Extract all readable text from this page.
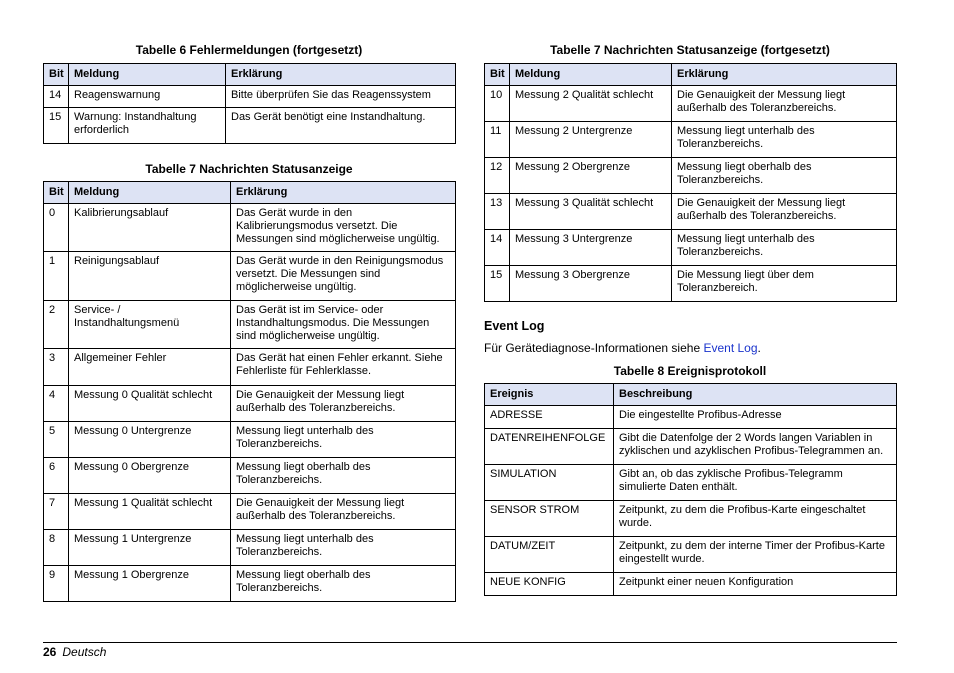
Tabelle 6 Fehlermeldungen (fortgesetzt)
Bit	Meldung	Erklärung
14	Reagenswarnung	Bitte überprüfen Sie das Reagenssystem
15	Warnung: Instandhaltung erforderlich	Das Gerät benötigt eine Instandhaltung.
Tabelle 7 Nachrichten Statusanzeige
Bit	Meldung	Erklärung
0	Kalibrierungsablauf	Das Gerät wurde in den Kalibrierungsmodus versetzt. Die Messungen sind möglicherweise ungültig.
1	Reinigungsablauf	Das Gerät wurde in den Reinigungsmodus versetzt. Die Messungen sind möglicherweise ungültig.
2	Service- / Instandhaltungsmenü	Das Gerät ist im Service- oder Instandhaltungsmodus. Die Messungen sind möglicherweise ungültig.
3	Allgemeiner Fehler	Das Gerät hat einen Fehler erkannt. Siehe Fehlerliste für Fehlerklasse.
4	Messung 0 Qualität schlecht	Die Genauigkeit der Messung liegt außerhalb des Toleranzbereichs.
5	Messung 0 Untergrenze	Messung liegt unterhalb des Toleranzbereichs.
6	Messung 0 Obergrenze	Messung liegt oberhalb des Toleranzbereichs.
7	Messung 1 Qualität schlecht	Die Genauigkeit der Messung liegt außerhalb des Toleranzbereichs.
8	Messung 1 Untergrenze	Messung liegt unterhalb des Toleranzbereichs.
9	Messung 1 Obergrenze	Messung liegt oberhalb des Toleranzbereichs.
Tabelle 7 Nachrichten Statusanzeige (fortgesetzt)
Bit	Meldung	Erklärung
10	Messung 2 Qualität schlecht	Die Genauigkeit der Messung liegt außerhalb des Toleranzbereichs.
11	Messung 2 Untergrenze	Messung liegt unterhalb des Toleranzbereichs.
12	Messung 2 Obergrenze	Messung liegt oberhalb des Toleranzbereichs.
13	Messung 3 Qualität schlecht	Die Genauigkeit der Messung liegt außerhalb des Toleranzbereichs.
14	Messung 3 Untergrenze	Messung liegt unterhalb des Toleranzbereichs.
15	Messung 3 Obergrenze	Die Messung liegt über dem Toleranzbereich.
Event Log
Für Gerätediagnose-Informationen siehe Event Log.
Tabelle 8 Ereignisprotokoll
Ereignis	Beschreibung
ADRESSE	Die eingestellte Profibus-Adresse
DATENREIHENFOLGE	Gibt die Datenfolge der 2 Words langen Variablen in zyklischen und azyklischen Profibus-Telegrammen an.
SIMULATION	Gibt an, ob das zyklische Profibus-Telegramm simulierte Daten enthält.
SENSOR STROM	Zeitpunkt, zu dem die Profibus-Karte eingeschaltet wurde.
DATUM/ZEIT	Zeitpunkt, zu dem der interne Timer der Profibus-Karte eingestellt wurde.
NEUE KONFIG	Zeitpunkt einer neuen Konfiguration
26 Deutsch
